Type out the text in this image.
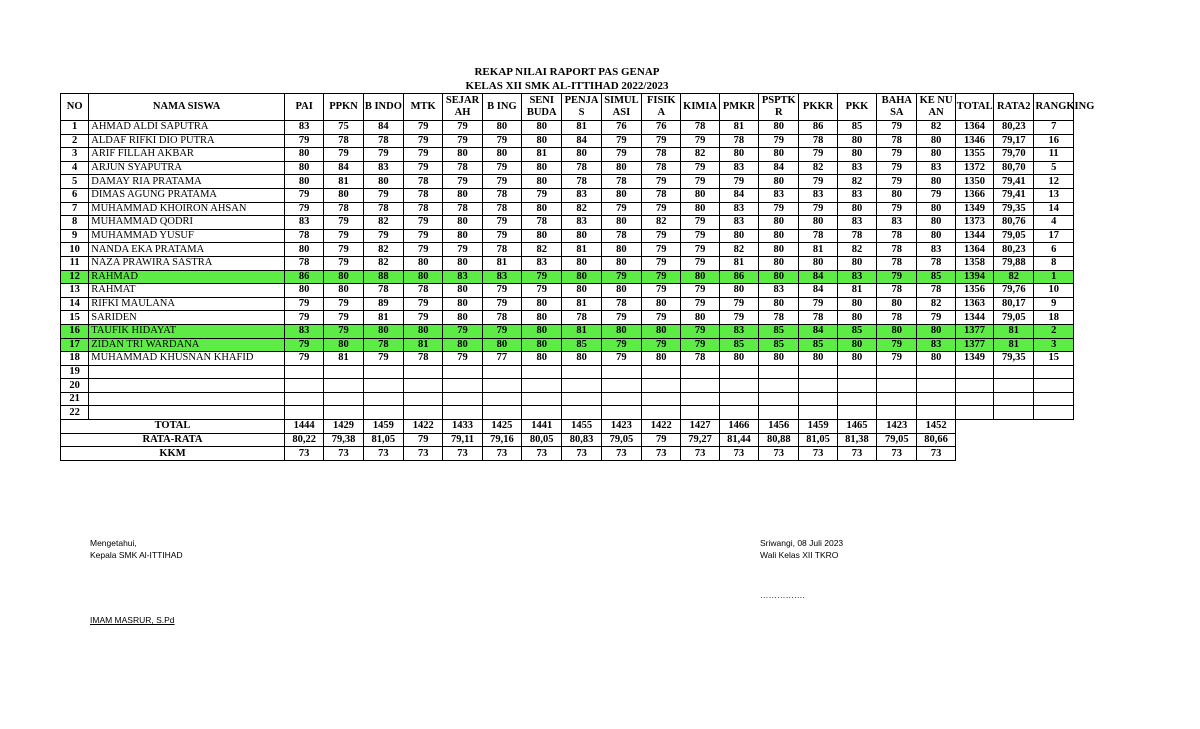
REKAP NILAI RAPORT PAS GENAP
KELAS XII SMK AL-ITTIHAD 2022/2023
NO	NAMA SISWA	PAI	PPKN	B INDO	MTK	SEJAR AH	B ING	SENI BUDA	PENJA S	SIMUL ASI	FISIK A	KIMIA	PMKR	PSPTK R	PKKR	PKK	BAHA SA	KE NU AN	TOTAL	RATA2	RANGKING
1	AHMAD ALDI SAPUTRA	83	75	84	79	79	80	80	81	76	76	78	81	80	86	85	79	82	1364	80,23	7
2	ALDAF RIFKI DIO PUTRA	79	78	78	79	79	79	80	84	79	79	79	78	79	78	80	78	80	1346	79,17	16
3	ARIF FILLAH AKBAR	80	79	79	79	80	80	81	80	79	78	82	80	80	79	80	79	80	1355	79,70	11
4	ARJUN SYAPUTRA	80	84	83	79	78	79	80	78	80	78	79	83	84	82	83	79	83	1372	80,70	5
5	DAMAY RIA PRATAMA	80	81	80	78	79	79	80	78	78	79	79	79	80	79	82	79	80	1350	79,41	12
6	DIMAS AGUNG PRATAMA	79	80	79	78	80	78	79	83	80	78	80	84	83	83	83	80	79	1366	79,41	13
7	MUHAMMAD KHOIRON AHSAN	79	78	78	78	78	78	80	82	79	79	80	83	79	79	80	79	80	1349	79,35	14
8	MUHAMMAD QODRI	83	79	82	79	80	79	78	83	80	82	79	83	80	80	83	83	80	1373	80,76	4
9	MUHAMMAD YUSUF	78	79	79	79	80	79	80	80	78	79	79	80	80	78	78	78	80	1344	79,05	17
10	NANDA EKA PRATAMA	80	79	82	79	79	78	82	81	80	79	79	82	80	81	82	78	83	1364	80,23	6
11	NAZA PRAWIRA SASTRA	78	79	82	80	80	81	83	80	80	79	79	81	80	80	80	78	78	1358	79,88	8
12	RAHMAD	86	80	88	80	83	83	79	80	79	79	80	86	80	84	83	79	85	1394	82	1
13	RAHMAT	80	80	78	78	80	79	79	80	80	79	79	80	83	84	81	78	78	1356	79,76	10
14	RIFKI MAULANA	79	79	89	79	80	79	80	81	78	80	79	79	80	79	80	80	82	1363	80,17	9
15	SARIDEN	79	79	81	79	80	78	80	78	79	79	80	79	78	78	80	78	79	1344	79,05	18
16	TAUFIK HIDAYAT	83	79	80	80	79	79	80	81	80	80	79	83	85	84	85	80	80	1377	81	2
17	ZIDAN TRI WARDANA	79	80	78	81	80	80	80	85	79	79	79	85	85	85	80	79	83	1377	81	3
18	MUHAMMAD KHUSNAN KHAFID	79	81	79	78	79	77	80	80	79	80	78	80	80	80	80	79	80	1349	79,35	15
19																					
20																					
21																					
22																					
TOTAL		1444	1429	1459	1422	1433	1425	1441	1455	1423	1422	1427	1466	1456	1459	1465	1423	1452			
RATA-RATA		80,22	79,38	81,05	79	79,11	79,16	80,05	80,83	79,05	79	79,27	81,44	80,88	81,05	81,38	79,05	80,66			
KKM		73	73	73	73	73	73	73	73	73	73	73	73	73	73	73	73	73			
Mengetahui,
Kepala SMK Al-ITTIHAD
IMAM MASRUR, S.Pd
Sriwangi, 08 Juli 2023
Wali Kelas XII TKRO
…………….
